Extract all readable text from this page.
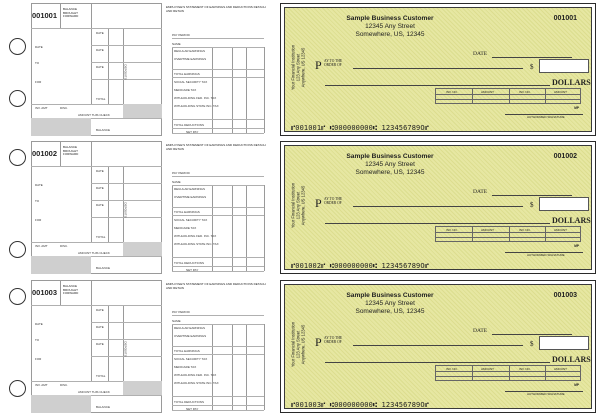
001001
BALANCE BROUGHT FORWARD
DATE
DATE
DATE
DATE
TO
FOR
DEPOSITS
TOTAL
INV. AMT	DISC.
AMOUNT THIS CHECK
BALANCE
EMPLOYEE'S STATEMENT OF EARNINGS AND DEDUCTIONS DETACH AND RETAIN
PAY PERIOD
NAME
REGULAR EARNINGS
OVERTIME EARNINGS
TOTAL EARNINGS
SOCIAL SECURITY TAX
MEDICARE TAX
WITHHOLDING FED. INC. TAX
WITHHOLDING STATE INC. TAX
TOTAL DEDUCTIONS
NET PAY
Sample Business Customer
12345 Any Street
Somewhere, US, 12345
001001
Your Financial Institution 123 Any Street Anywhere, US 12345	DATE
P AY TO THE ORDER OF	$
DOLLARS
INV. NO.	AMOUNT	INV. NO.	AMOUNT
MP
AUTHORIZED SIGNATURE
⑈001001⑈ ⑆000000000⑆ 123456789O⑈
001002
BALANCE BROUGHT FORWARD
DATE
DATE
DATE
DATE
TO
FOR
DEPOSITS
TOTAL
INV. AMT	DISC.
AMOUNT THIS CHECK
BALANCE
EMPLOYEE'S STATEMENT OF EARNINGS AND DEDUCTIONS DETACH AND RETAIN
PAY PERIOD
NAME
REGULAR EARNINGS
OVERTIME EARNINGS
TOTAL EARNINGS
SOCIAL SECURITY TAX
MEDICARE TAX
WITHHOLDING FED. INC. TAX
WITHHOLDING STATE INC. TAX
TOTAL DEDUCTIONS
NET PAY
Sample Business Customer
12345 Any Street
Somewhere, US, 12345
001002
Your Financial Institution 123 Any Street Anywhere, US 12345	DATE
P AY TO THE ORDER OF	$
DOLLARS
INV. NO.	AMOUNT	INV. NO.	AMOUNT
MP
AUTHORIZED SIGNATURE
⑈001002⑈ ⑆000000000⑆ 123456789O⑈
001003
BALANCE BROUGHT FORWARD
DATE
DATE
DATE
DATE
TO
FOR
DEPOSITS
TOTAL
INV. AMT	DISC.
AMOUNT THIS CHECK
BALANCE
EMPLOYEE'S STATEMENT OF EARNINGS AND DEDUCTIONS DETACH AND RETAIN
PAY PERIOD
NAME
REGULAR EARNINGS
OVERTIME EARNINGS
TOTAL EARNINGS
SOCIAL SECURITY TAX
MEDICARE TAX
WITHHOLDING FED. INC. TAX
WITHHOLDING STATE INC. TAX
TOTAL DEDUCTIONS
NET PAY
Sample Business Customer
12345 Any Street
Somewhere, US, 12345
001003
Your Financial Institution 123 Any Street Anywhere, US 12345	DATE
P AY TO THE ORDER OF	$
DOLLARS
INV. NO.	AMOUNT	INV. NO.	AMOUNT
MP
AUTHORIZED SIGNATURE
⑈001003⑈ ⑆000000000⑆ 123456789O⑈
